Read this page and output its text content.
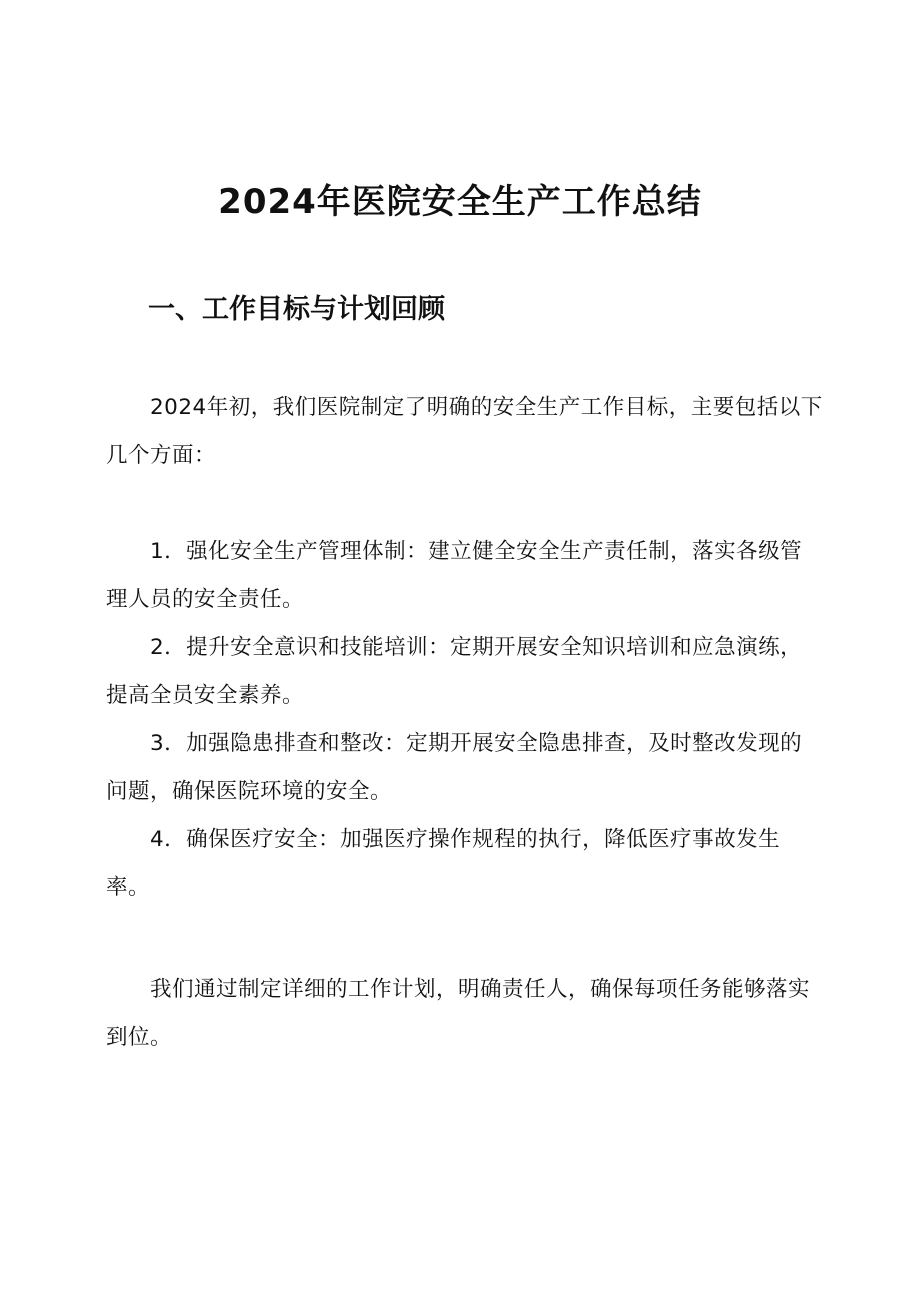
2024年医院安全生产工作总结
一、工作目标与计划回顾

2024年初，我们医院制定了明确的安全生产工作目标，主要包括以下几个方面：

1．强化安全生产管理体制：建立健全安全生产责任制，落实各级管理人员的安全责任。

2．提升安全意识和技能培训：定期开展安全知识培训和应急演练，提高全员安全素养。

3．加强隐患排查和整改：定期开展安全隐患排查，及时整改发现的问题，确保医院环境的安全。

4．确保医疗安全：加强医疗操作规程的执行，降低医疗事故发生率。

我们通过制定详细的工作计划，明确责任人，确保每项任务能够落实到位。
